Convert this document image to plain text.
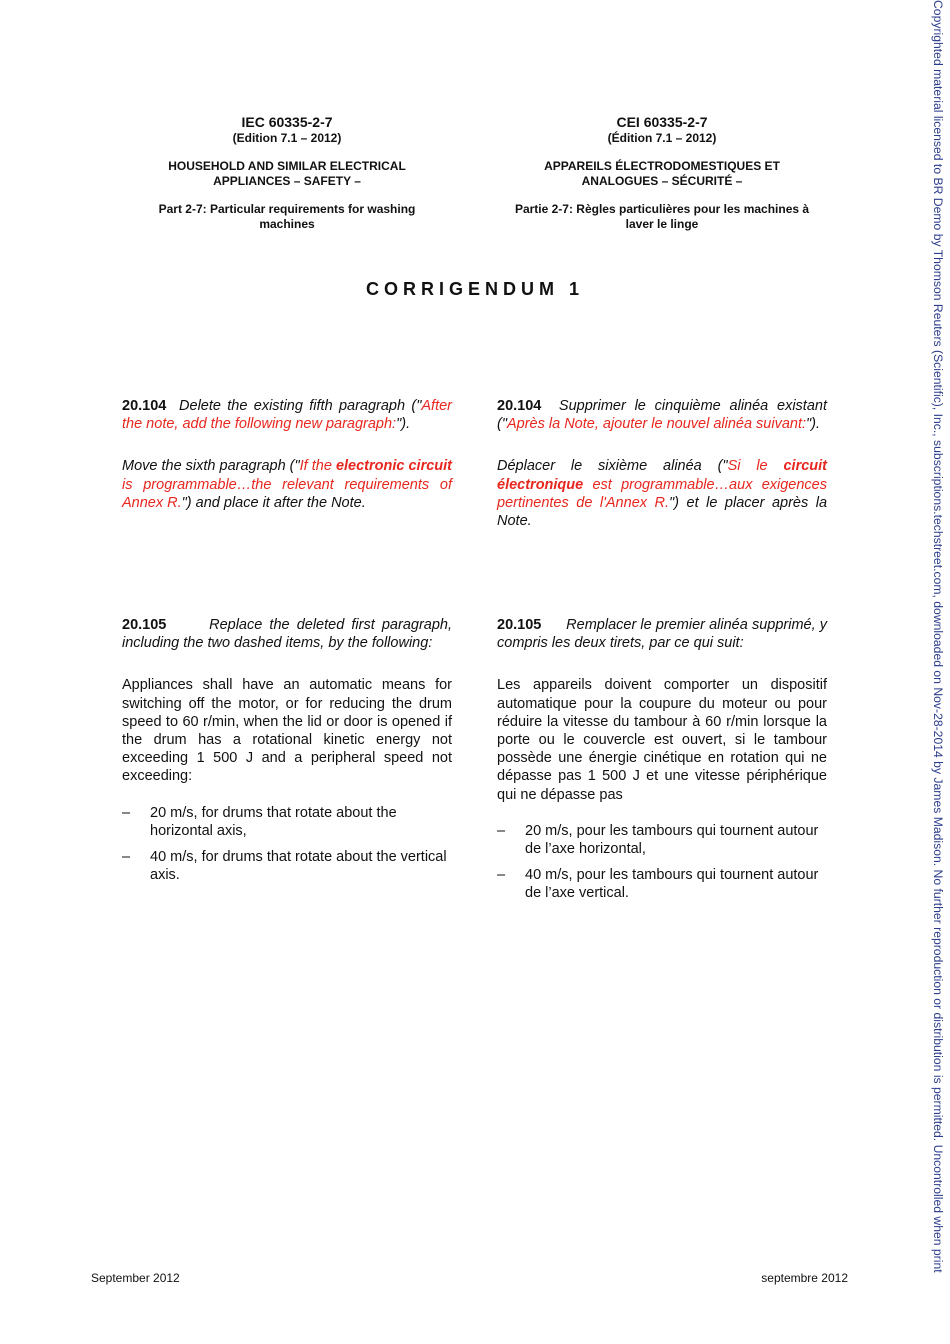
IEC 60335-2-7
(Edition 7.1 – 2012)
HOUSEHOLD AND SIMILAR ELECTRICAL
APPLIANCES – SAFETY –
Part 2-7: Particular requirements for washing
machines
CEI 60335-2-7
(Édition 7.1 – 2012)
APPAREILS ÉLECTRODOMESTIQUES ET
ANALOGUES – SÉCURITÉ –
Partie 2-7: Règles particulières pour les machines à
laver le linge
CORRIGENDUM 1

20.104 Delete the existing fifth paragraph ("After the note, add the following new paragraph:").

Move the sixth paragraph ("If the electronic circuit is programmable…the relevant requirements of Annex R.") and place it after the Note.

20.104 Supprimer le cinquième alinéa existant ("Après la Note, ajouter le nouvel alinéa suivant:").

Déplacer le sixième alinéa ("Si le circuit électronique est programmable…aux exigences pertinentes de l'Annex R.") et le placer après la Note.

20.105	Replace the deleted first paragraph, including the two dashed items, by the following:

Appliances shall have an automatic means for switching off the motor, or for reducing the drum speed to 60 r/min, when the lid or door is opened if the drum has a rotational kinetic energy not exceeding 1 500 J and a peripheral speed not exceeding:

–	20 m/s, for drums that rotate about the horizontal axis,
–	40 m/s, for drums that rotate about the vertical axis.

20.105 Remplacer le premier alinéa supprimé, y compris les deux tirets, par ce qui suit:

Les appareils doivent comporter un dispositif automatique pour la coupure du moteur ou pour réduire la vitesse du tambour à 60 r/min lorsque la porte ou le couvercle est ouvert, si le tambour possède une énergie cinétique en rotation qui ne dépasse pas 1 500 J et une vitesse périphérique qui ne dépasse pas

–	20 m/s, pour les tambours qui tournent autour de l’axe horizontal,
–	40 m/s, pour les tambours qui tournent autour de l’axe vertical.
September 2012	septembre 2012
Copyrighted material licensed to BR Demo by Thomson Reuters (Scientific), Inc., subscriptions.techstreet.com, downloaded on Nov-28-2014 by James Madison. No further reproduction or distribution is permitted. Uncontrolled when print
